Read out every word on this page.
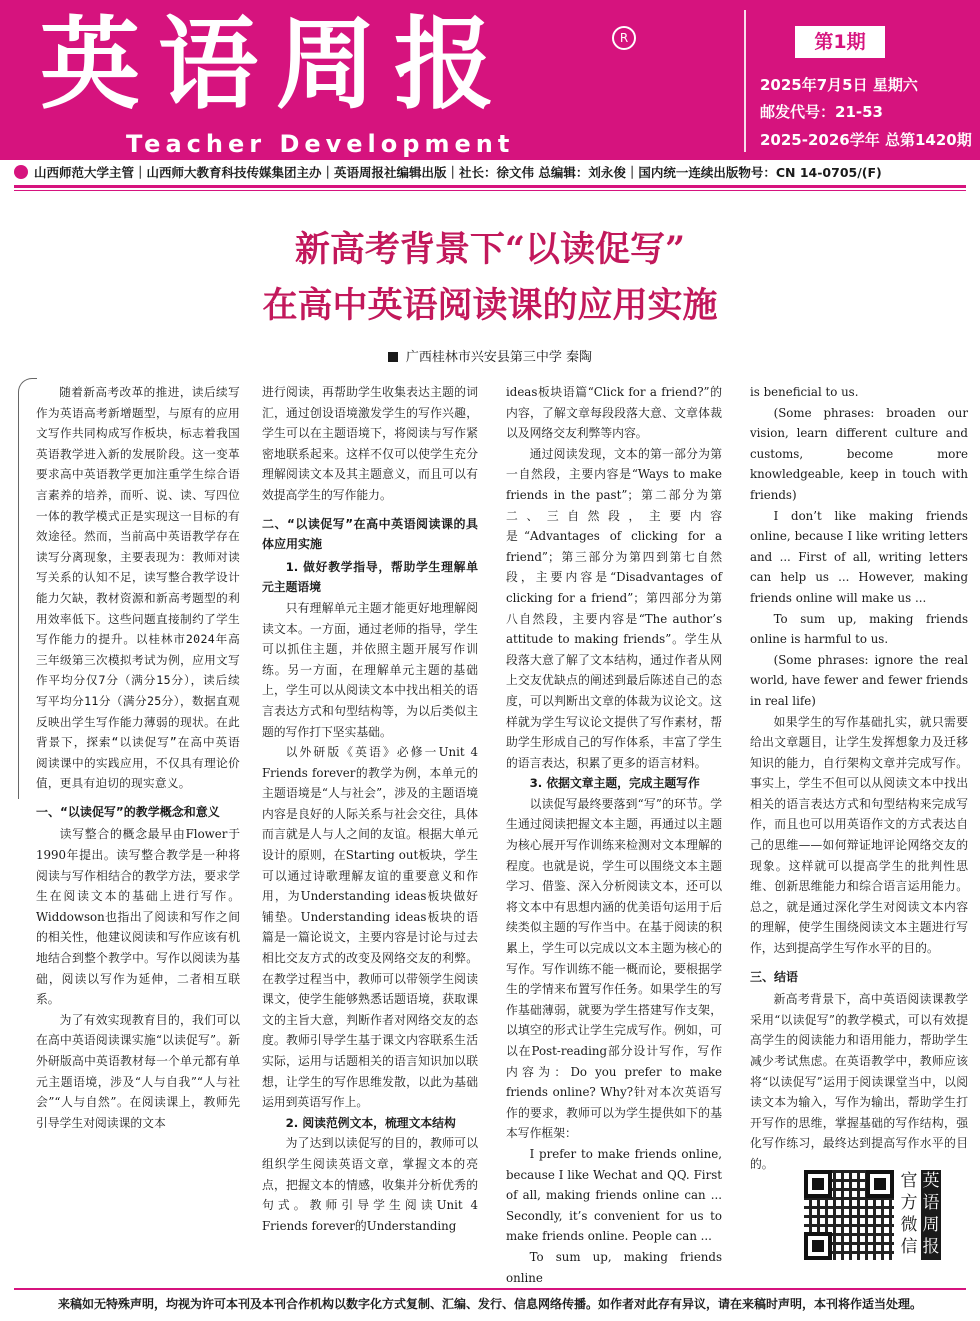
英语周报	R
Teacher Development
第1期
2025年7月5日 星期六
邮发代号：21-53
2025-2026学年 总第1420期
山西师范大学主管｜山西师大教育科技传媒集团主办｜英语周报社编辑出版｜社长：徐文伟 总编辑：刘永俊｜国内统一连续出版物号：CN 14-0705/(F)
新高考背景下“以读促写”
在高中英语阅读课的应用实施
广西桂林市兴安县第三中学 秦陶

随着新高考改革的推进，读后续写作为英语高考新增题型，与原有的应用文写作共同构成写作板块，标志着我国英语教学进入新的发展阶段。这一变革要求高中英语教学更加注重学生综合语言素养的培养，而听、说、读、写四位一体的教学模式正是实现这一目标的有效途径。然而，当前高中英语教学存在读写分离现象，主要表现为：教师对读写关系的认知不足，读写整合教学设计能力欠缺，教材资源和新高考题型的利用效率低下。这些问题直接制约了学生写作能力的提升。以桂林市2024年高三年级第三次模拟考试为例，应用文写作平均分仅7分（满分15分），读后续写平均分11分（满分25分），数据直观反映出学生写作能力薄弱的现状。在此背景下，探索“以读促写”在高中英语阅读课中的实践应用，不仅具有理论价值，更具有迫切的现实意义。

一、“以读促写”的教学概念和意义

读写整合的概念最早由Flower于1990年提出。读写整合教学是一种将阅读与写作相结合的教学方法，要求学生在阅读文本的基础上进行写作。Widdowson也指出了阅读和写作之间的相关性，他建议阅读和写作应该有机地结合到整个教学中。写作以阅读为基础，阅读以写作为延伸，二者相互联系。

为了有效实现教育目的，我们可以在高中英语阅读课实施“以读促写”。新外研版高中英语教材每一个单元都有单元主题语境，涉及“人与自我”“人与社会”“人与自然”。在阅读课上，教师先引导学生对阅读课的文本

进行阅读，再帮助学生收集表达主题的词汇，通过创设语境激发学生的写作兴趣，学生可以在主题语境下，将阅读与写作紧密地联系起来。这样不仅可以使学生充分理解阅读文本及其主题意义，而且可以有效提高学生的写作能力。

二、“以读促写”在高中英语阅读课的具体应用实施
1. 做好教学指导，帮助学生理解单元主题语境

只有理解单元主题才能更好地理解阅读文本。一方面，通过老师的指导，学生可以抓住主题，并依照主题开展写作训练。另一方面，在理解单元主题的基础上，学生可以从阅读文本中找出相关的语言表达方式和句型结构等，为以后类似主题的写作打下坚实基础。

以外研版《英语》必修一Unit 4 Friends forever的教学为例，本单元的主题语境是“人与社会”，涉及的主题语境内容是良好的人际关系与社会交往，具体而言就是人与人之间的友谊。根据大单元设计的原则，在Starting out板块，学生可以通过诗歌理解友谊的重要意义和作用，为Understanding ideas板块做好铺垫。Understanding ideas板块的语篇是一篇论说文，主要内容是讨论与过去相比交友方式的改变及网络交友的利弊。在教学过程当中，教师可以带领学生阅读课文，使学生能够熟悉话题语境，获取课文的主旨大意，判断作者对网络交友的态度。教师引导学生基于课文内容联系生活实际，运用与话题相关的语言知识加以联想，让学生的写作思维发散，以此为基础运用到英语写作上。

2. 阅读范例文本，梳理文本结构

为了达到以读促写的目的，教师可以组织学生阅读英语文章，掌握文本的亮点，把握文本的情感，收集并分析优秀的句式。教师引导学生阅读Unit 4 Friends forever的Understanding

ideas板块语篇“Click for a friend?”的内容，了解文章每段段落大意、文章体裁以及网络交友利弊等内容。

通过阅读发现，文本的第一部分为第一自然段，主要内容是“Ways to make friends in the past”；第二部分为第二、三自然段，主要内容是“Advantages of clicking for a friend”；第三部分为第四到第七自然段，主要内容是“Disadvantages of clicking for a friend”；第四部分为第八自然段，主要内容是“The author’s attitude to making friends”。学生从段落大意了解了文本结构，通过作者从网上交友优缺点的阐述到最后陈述自己的态度，可以判断出文章的体裁为议论文。这样就为学生写议论文提供了写作素材，帮助学生形成自己的写作体系，丰富了学生的语言表达，积累了更多的语言材料。

3. 依据文章主题，完成主题写作

以读促写最终要落到“写”的环节。学生通过阅读把握文本主题，再通过以主题为核心展开写作训练来检测对文本理解的程度。也就是说，学生可以围绕文本主题学习、借鉴、深入分析阅读文本，还可以将文本中有思想内涵的优美语句运用于后续类似主题的写作当中。在基于阅读的积累上，学生可以完成以文本主题为核心的写作。写作训练不能一概而论，要根据学生的学情来布置写作任务。如果学生的写作基础薄弱，就要为学生搭建写作支架，以填空的形式让学生完成写作。例如，可以在Post-reading部分设计写作，写作内容为：Do you prefer to make friends online? Why?针对本次英语写作的要求，教师可以为学生提供如下的基本写作框架：

I prefer to make friends online, because I like Wechat and QQ. First of all, making friends online can ... Secondly, it’s convenient for us to make friends online. People can ...

To sum up, making friends online

is beneficial to us.

(Some phrases: broaden our vision, learn different culture and customs, become more knowledgeable, keep in touch with friends)

I don’t like making friends online, because I like writing letters and ... First of all, writing letters can help us ... However, making friends online will make us ...

To sum up, making friends online is harmful to us.

(Some phrases: ignore the real world, have fewer and fewer friends in real life)

如果学生的写作基础扎实，就只需要给出文章题目，让学生发挥想象力及迁移知识的能力，自行架构文章并完成写作。事实上，学生不但可以从阅读文本中找出相关的语言表达方式和句型结构来完成写作，而且也可以用英语作文的方式表达自己的思维——如何辩证地评论网络交友的现象。这样就可以提高学生的批判性思维、创新思维能力和综合语言运用能力。总之，就是通过深化学生对阅读文本内容的理解，使学生围绕阅读文本主题进行写作，达到提高学生写作水平的目的。

三、结语

新高考背景下，高中英语阅读课教学采用“以读促写”的教学模式，可以有效提高学生的阅读能力和语用能力，帮助学生减少考试焦虑。在英语教学中，教师应该将“以读促写”运用于阅读课堂当中，以阅读文本为输入，写作为输出，帮助学生打开写作的思维，掌握基础的写作结构，强化写作练习，最终达到提高写作水平的目的。

官方微信
英语周报
来稿如无特殊声明，均视为许可本刊及本刊合作机构以数字化方式复制、汇编、发行、信息网络传播。如作者对此存有异议，请在来稿时声明，本刊将作适当处理。
